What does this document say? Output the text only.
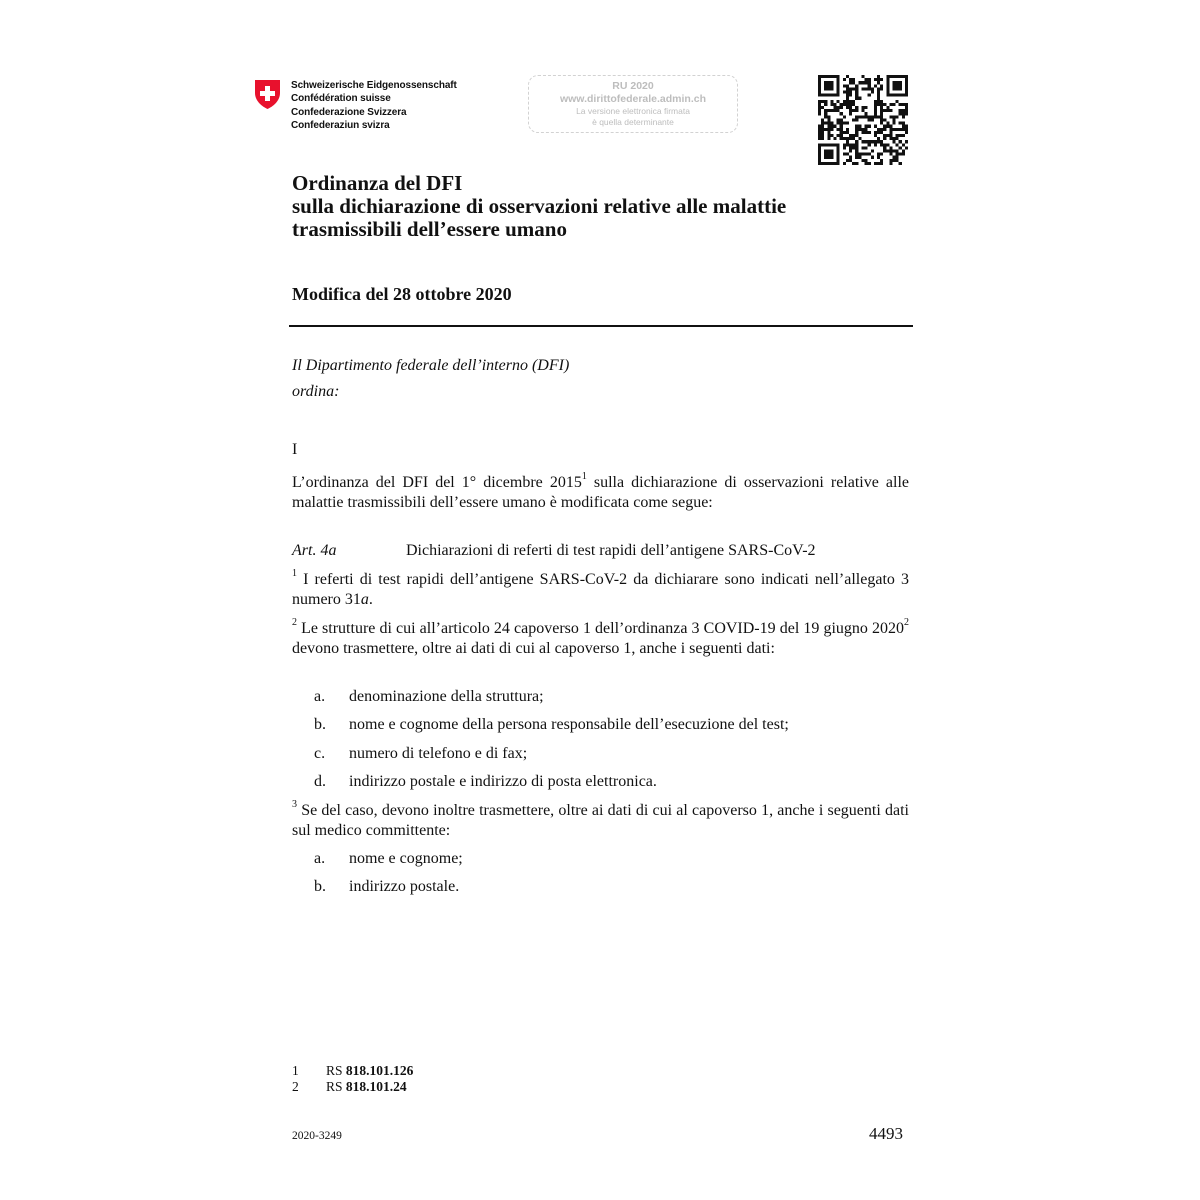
Schweizerische Eidgenossenschaft
Confédération suisse
Confederazione Svizzera
Confederaziun svizra
RU 2020
www.dirittofederale.admin.ch
La versione elettronica firmata
è quella determinante
Ordinanza del DFI
sulla dichiarazione di osservazioni relative alle malattie
trasmissibili dell’essere umano
Modifica del 28 ottobre 2020
Il Dipartimento federale dell’interno (DFI)
ordina:
I
L’ordinanza del DFI del 1° dicembre 2015$^1$ sulla dichiarazione di osservazioni relative alle malattie trasmissibili dell’essere umano è modificata come segue:
Art. 4a	Dichiarazioni di referti di test rapidi dell’antigene SARS-CoV-2
$^1$ I referti di test rapidi dell’antigene SARS-CoV-2 da dichiarare sono indicati nell’allegato 3 numero 31a.
$^2$ Le strutture di cui all’articolo 24 capoverso 1 dell’ordinanza 3 COVID-19 del 19 giugno 2020$^2$ devono trasmettere, oltre ai dati di cui al capoverso 1, anche i seguenti dati:
a. denominazione della struttura;
b. nome e cognome della persona responsabile dell’esecuzione del test;
c. numero di telefono e di fax;
d. indirizzo postale e indirizzo di posta elettronica.
$^3$ Se del caso, devono inoltre trasmettere, oltre ai dati di cui al capoverso 1, anche i seguenti dati sul medico committente:
a. nome e cognome;
b. indirizzo postale.
1 RS 818.101.126
2 RS 818.101.24
2020-3249	4493
